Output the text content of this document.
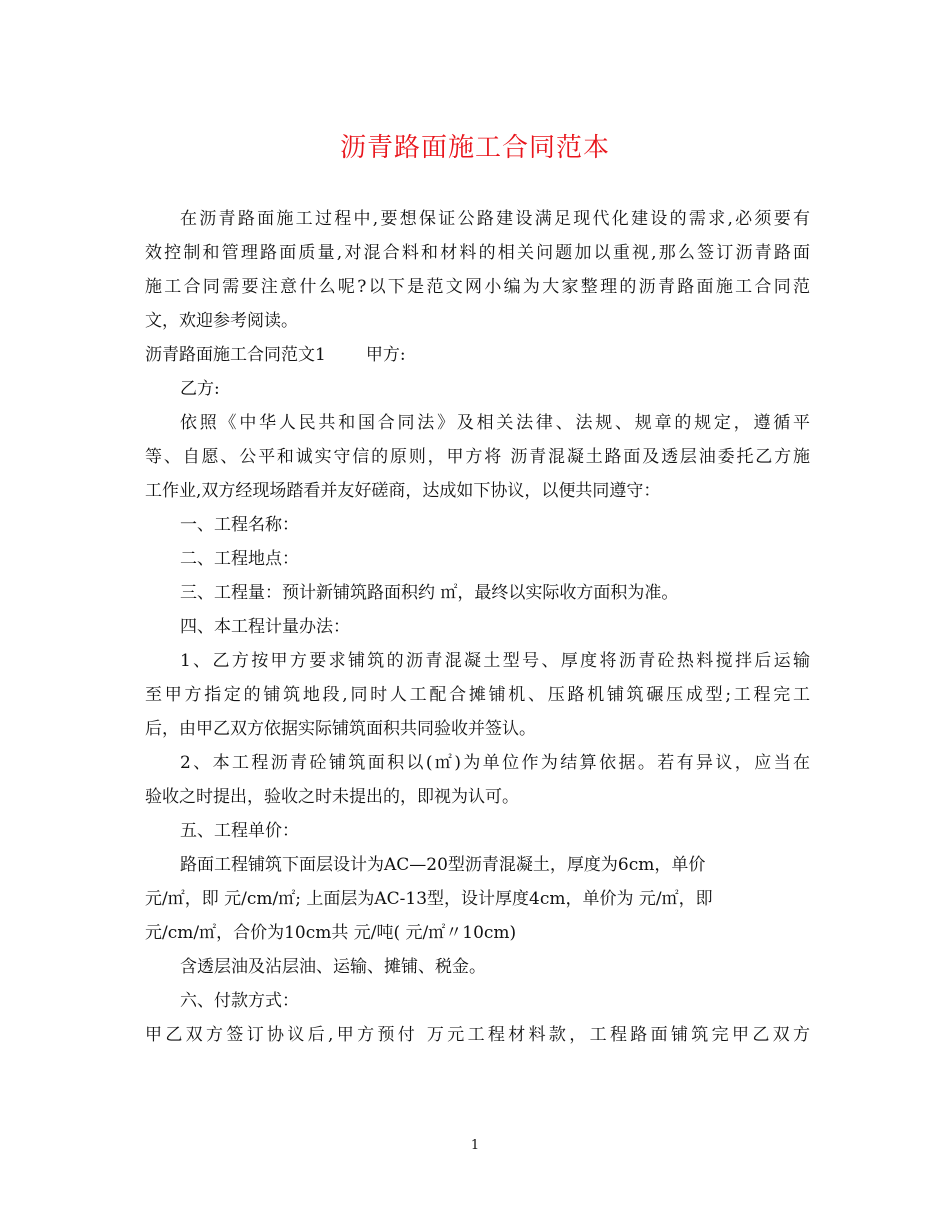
沥青路面施工合同范本

在沥青路面施工过程中,要想保证公路建设满足现代化建设的需求,必须要有
效控制和管理路面质量,对混合料和材料的相关问题加以重视,那么签订沥青路面
施工合同需要注意什么呢?以下是范文网小编为大家整理的沥青路面施工合同范
文，欢迎参考阅读。

沥青路面施工合同范文1 甲方:

乙方:

依照《中华人民共和国合同法》及相关法律、法规、规章的规定，遵循平
等、自愿、公平和诚实守信的原则，甲方将 沥青混凝土路面及透层油委托乙方施
工作业,双方经现场踏看并友好磋商，达成如下协议，以便共同遵守：

一、工程名称：

二、工程地点：

三、工程量：预计新铺筑路面积约 ㎡，最终以实际收方面积为准。

四、本工程计量办法：

1、乙方按甲方要求铺筑的沥青混凝土型号、厚度将沥青砼热料搅拌后运输
至甲方指定的铺筑地段,同时人工配合摊铺机、压路机铺筑碾压成型;工程完工
后，由甲乙双方依据实际铺筑面积共同验收并签认。

2、本工程沥青砼铺筑面积以(㎡)为单位作为结算依据。若有异议，应当在
验收之时提出，验收之时未提出的，即视为认可。

五、工程单价：

路面工程铺筑下面层设计为AC—20型沥青混凝土，厚度为6cm，单价
元/㎡，即 元/cm/㎡; 上面层为AC-13型，设计厚度4cm，单价为 元/㎡，即
元/cm/㎡，合价为10cm共 元/吨( 元/㎡〃10cm)

含透层油及沾层油、运输、摊铺、税金。

六、付款方式：

甲乙双方签订协议后,甲方预付 万元工程材料款，工程路面铺筑完甲乙双方

1
